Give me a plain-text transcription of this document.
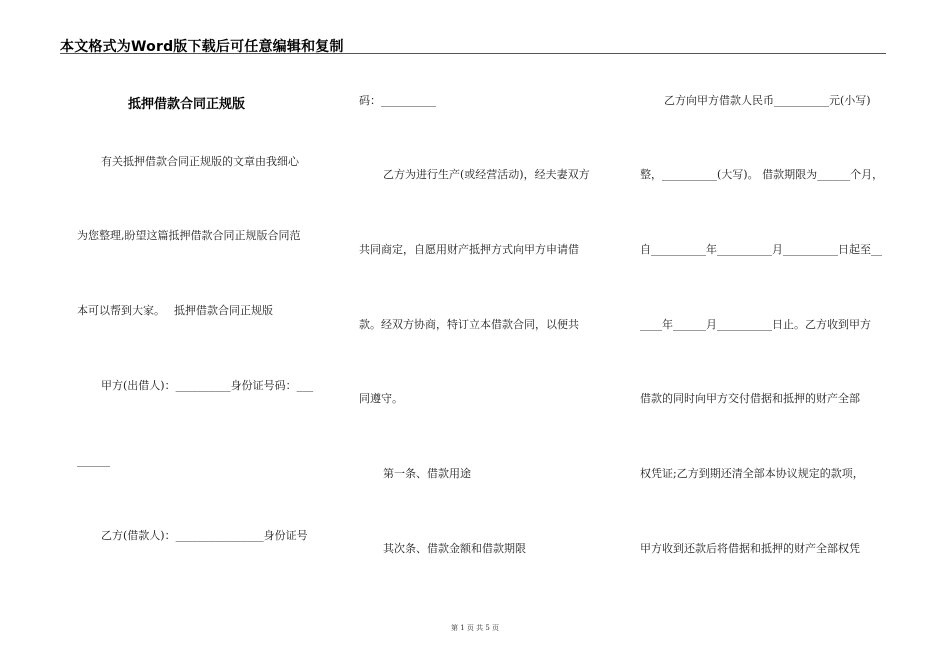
本文格式为Word版下载后可任意编辑和复制
抵押借款合同正规版
有关抵押借款合同正规版的文章由我细心
为您整理,盼望这篇抵押借款合同正规版合同范
本可以帮到大家。　 抵押借款合同正规版
甲方(出借人)：__________身份证号码：___
______
乙方(借款人)：________________身份证号
码：__________
乙方为进行生产(或经营活动)，经夫妻双方
共同商定，自愿用财产抵押方式向甲方申请借
款。经双方协商，特订立本借款合同，以便共
同遵守。
第一条、借款用途
其次条、借款金额和借款期限
乙方向甲方借款人民币__________元(小写)
整，__________(大写)。 借款期限为______个月，
自__________年__________月__________日起至__
____年______月__________日止。乙方收到甲方
借款的同时向甲方交付借据和抵押的财产全部
权凭证;乙方到期还清全部本协议规定的款项，
甲方收到还款后将借据和抵押的财产全部权凭
第 1 页 共 5 页
